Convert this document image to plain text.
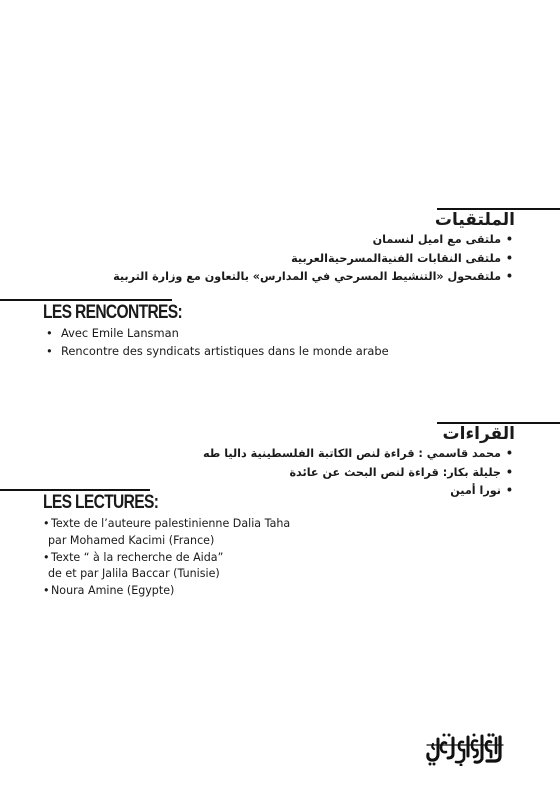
الملتقيات
• ملتقى مع اميل لنسمان
• ملتقى النقابات الفنيةالمسرحيةالعربية
• ملتقىحول «التنشيط المسرحي في المدارس» بالتعاون مع وزارة التربية
LES RENCONTRES:
• Avec Emile Lansman
• Rencontre des syndicats artistiques dans le monde arabe
القراءات
• محمد قاسمي : قراءة لنص الكاتبة الفلسطينية داليا طه
• جليلة بكار: قراءة لنص البحث عن عائدة
• نورا أمين
LES LECTURES:
• Texte de l’auteure palestinienne Dalia Taha
par Mohamed Kacimi (France)
• Texte “ à la recherche de Aida”
de et par Jalila Baccar (Tunisie)
• Noura Amine (Egypte)
